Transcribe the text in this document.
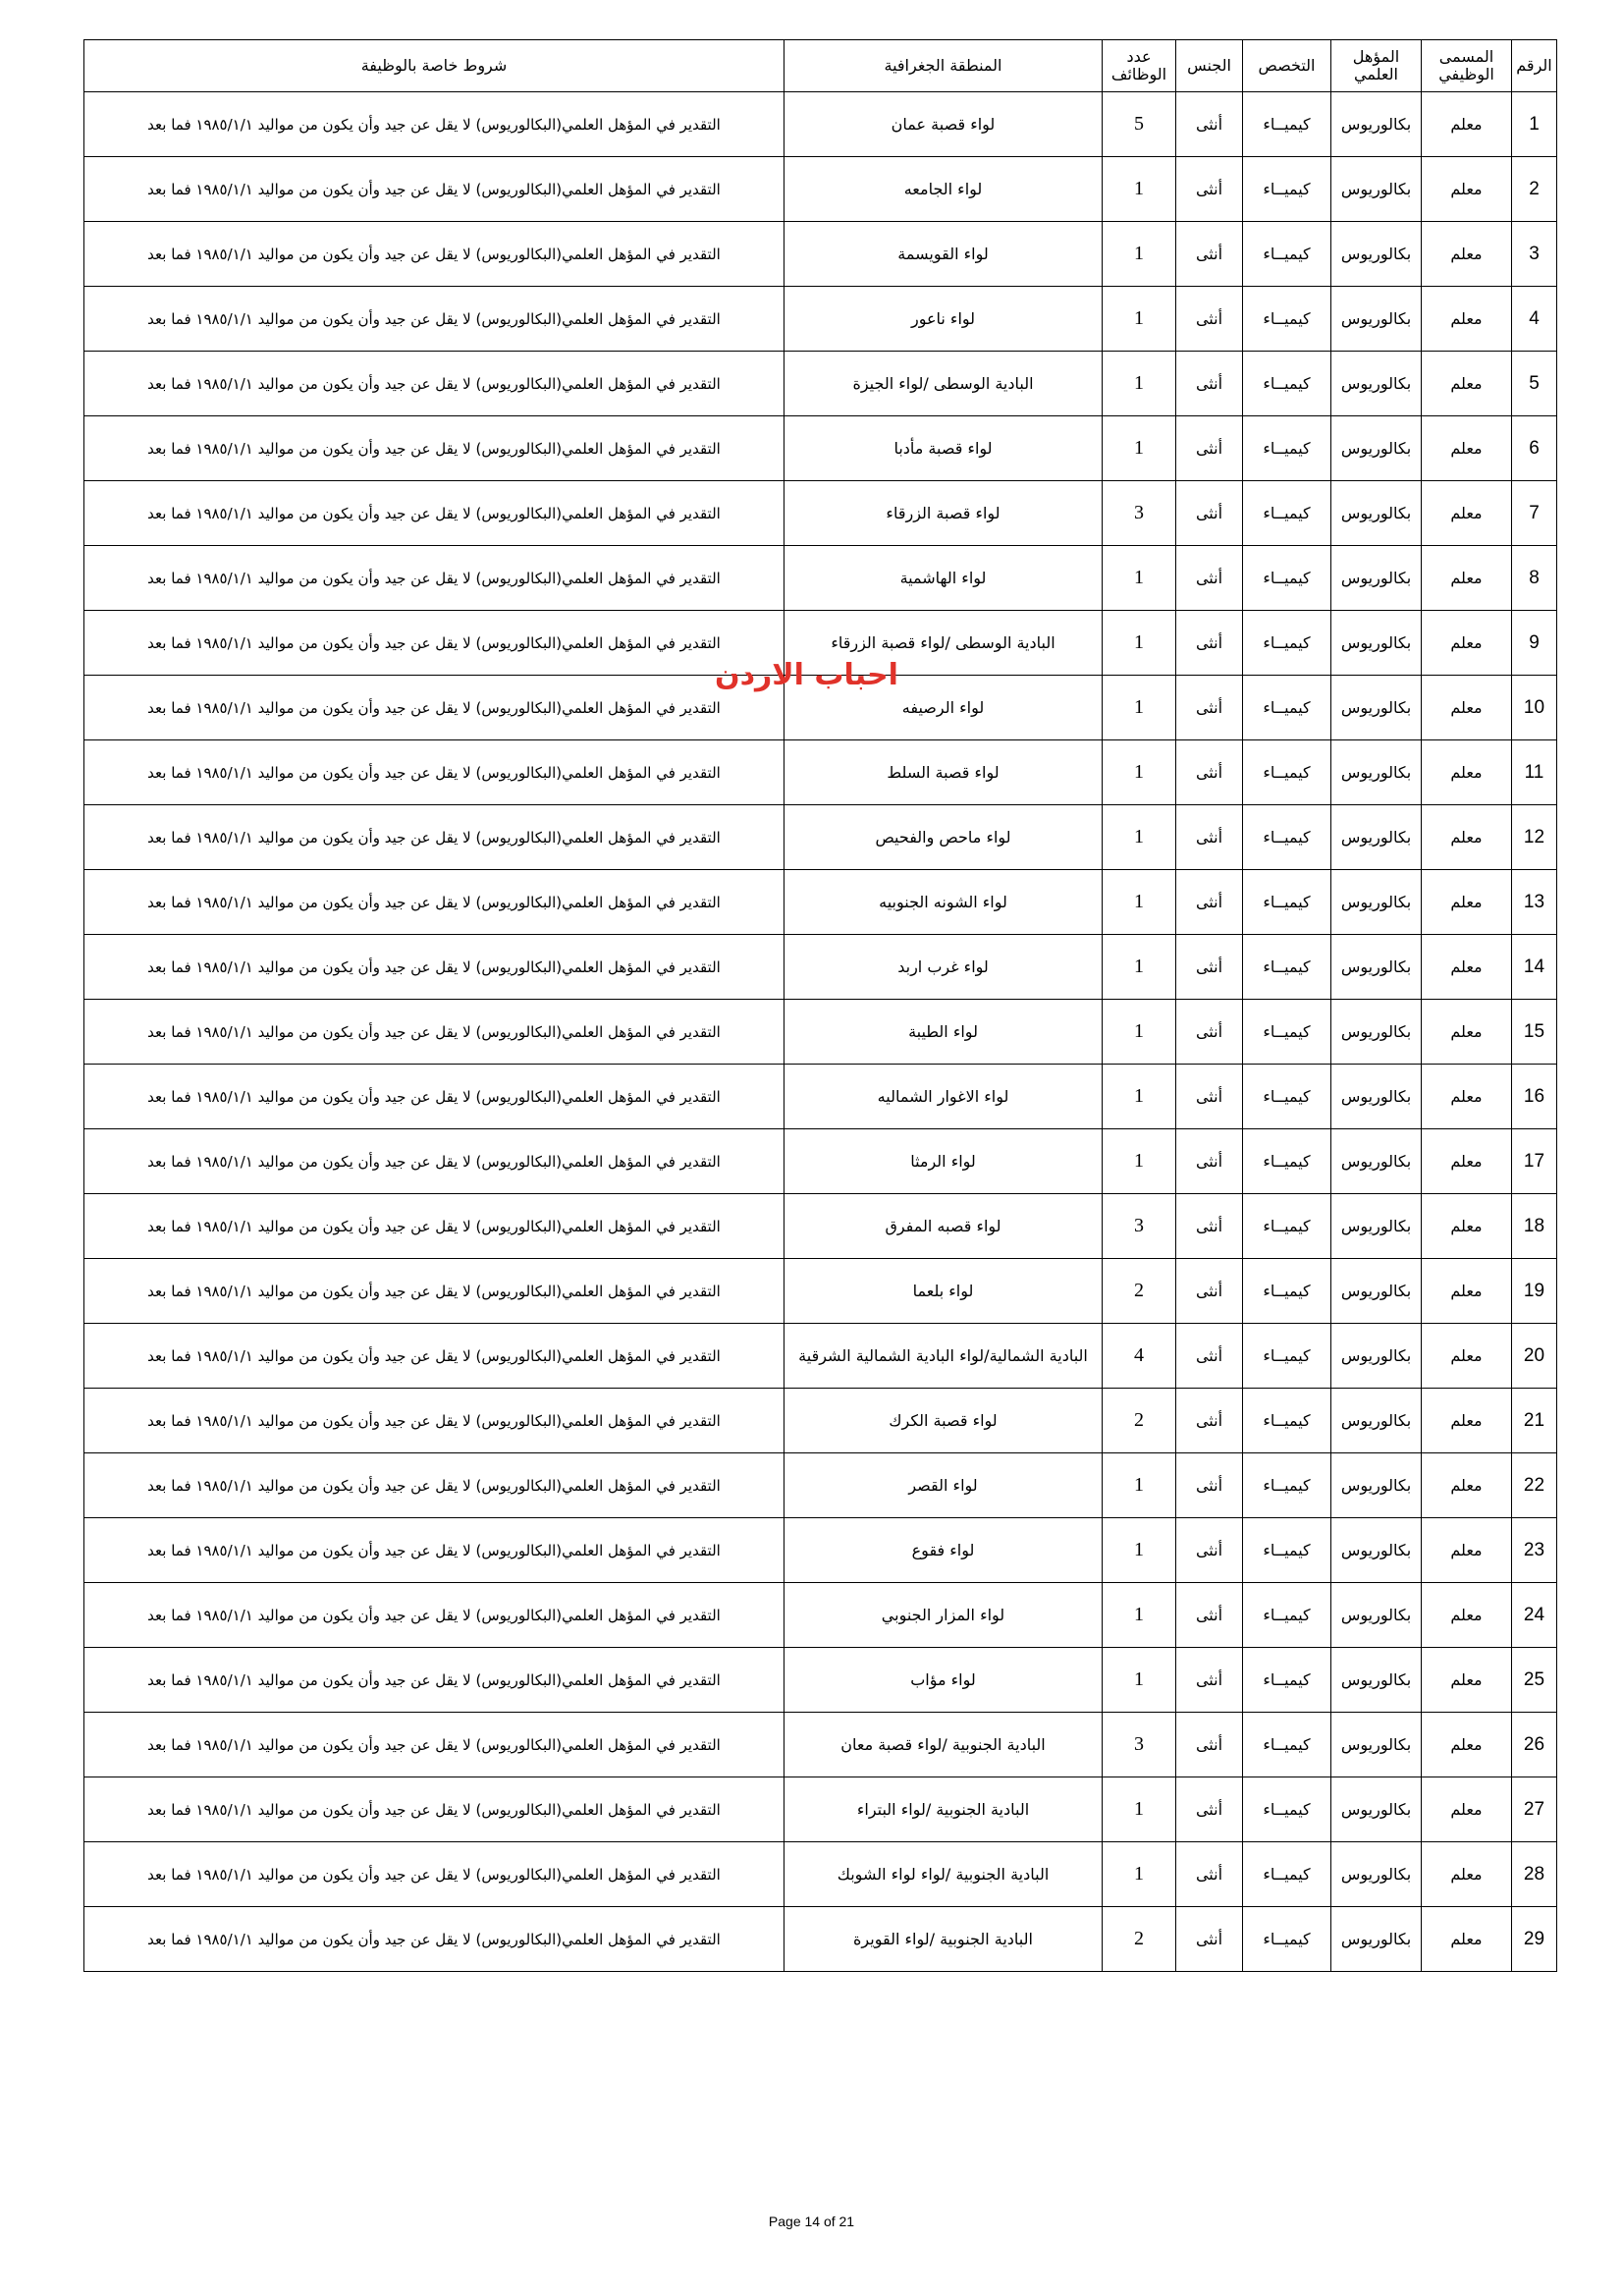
الرقم	المسمى الوظيفي	المؤهل العلمي	التخصص	الجنس	عدد الوظائف	المنطقة الجغرافية	شروط خاصة بالوظيفة
1	معلم	بكالوريوس	كيميــاء	أنثى	5	لواء قصبة عمان	التقدير في المؤهل العلمي(البكالوريوس) لا يقل عن جيد وأن يكون من مواليد ١٩٨٥/١/١ فما بعد
2	معلم	بكالوريوس	كيميــاء	أنثى	1	لواء الجامعه	التقدير في المؤهل العلمي(البكالوريوس) لا يقل عن جيد وأن يكون من مواليد ١٩٨٥/١/١ فما بعد
3	معلم	بكالوريوس	كيميــاء	أنثى	1	لواء القويسمة	التقدير في المؤهل العلمي(البكالوريوس) لا يقل عن جيد وأن يكون من مواليد ١٩٨٥/١/١ فما بعد
4	معلم	بكالوريوس	كيميــاء	أنثى	1	لواء ناعور	التقدير في المؤهل العلمي(البكالوريوس) لا يقل عن جيد وأن يكون من مواليد ١٩٨٥/١/١ فما بعد
5	معلم	بكالوريوس	كيميــاء	أنثى	1	البادية الوسطى /لواء الجيزة	التقدير في المؤهل العلمي(البكالوريوس) لا يقل عن جيد وأن يكون من مواليد ١٩٨٥/١/١ فما بعد
6	معلم	بكالوريوس	كيميــاء	أنثى	1	لواء قصبة مأدبا	التقدير في المؤهل العلمي(البكالوريوس) لا يقل عن جيد وأن يكون من مواليد ١٩٨٥/١/١ فما بعد
7	معلم	بكالوريوس	كيميــاء	أنثى	3	لواء قصبة الزرقاء	التقدير في المؤهل العلمي(البكالوريوس) لا يقل عن جيد وأن يكون من مواليد ١٩٨٥/١/١ فما بعد
8	معلم	بكالوريوس	كيميــاء	أنثى	1	لواء الهاشمية	التقدير في المؤهل العلمي(البكالوريوس) لا يقل عن جيد وأن يكون من مواليد ١٩٨٥/١/١ فما بعد
9	معلم	بكالوريوس	كيميــاء	أنثى	1	البادية الوسطى /لواء قصبة الزرقاء	التقدير في المؤهل العلمي(البكالوريوس) لا يقل عن جيد وأن يكون من مواليد ١٩٨٥/١/١ فما بعد
10	معلم	بكالوريوس	كيميــاء	أنثى	1	لواء الرصيفه	التقدير في المؤهل العلمي(البكالوريوس) لا يقل عن جيد وأن يكون من مواليد ١٩٨٥/١/١ فما بعد
11	معلم	بكالوريوس	كيميــاء	أنثى	1	لواء قصبة السلط	التقدير في المؤهل العلمي(البكالوريوس) لا يقل عن جيد وأن يكون من مواليد ١٩٨٥/١/١ فما بعد
12	معلم	بكالوريوس	كيميــاء	أنثى	1	لواء ماحص والفحيص	التقدير في المؤهل العلمي(البكالوريوس) لا يقل عن جيد وأن يكون من مواليد ١٩٨٥/١/١ فما بعد
13	معلم	بكالوريوس	كيميــاء	أنثى	1	لواء الشونه الجنوبيه	التقدير في المؤهل العلمي(البكالوريوس) لا يقل عن جيد وأن يكون من مواليد ١٩٨٥/١/١ فما بعد
14	معلم	بكالوريوس	كيميــاء	أنثى	1	لواء غرب اربد	التقدير في المؤهل العلمي(البكالوريوس) لا يقل عن جيد وأن يكون من مواليد ١٩٨٥/١/١ فما بعد
15	معلم	بكالوريوس	كيميــاء	أنثى	1	لواء الطيبة	التقدير في المؤهل العلمي(البكالوريوس) لا يقل عن جيد وأن يكون من مواليد ١٩٨٥/١/١ فما بعد
16	معلم	بكالوريوس	كيميــاء	أنثى	1	لواء الاغوار الشماليه	التقدير في المؤهل العلمي(البكالوريوس) لا يقل عن جيد وأن يكون من مواليد ١٩٨٥/١/١ فما بعد
17	معلم	بكالوريوس	كيميــاء	أنثى	1	لواء الرمثا	التقدير في المؤهل العلمي(البكالوريوس) لا يقل عن جيد وأن يكون من مواليد ١٩٨٥/١/١ فما بعد
18	معلم	بكالوريوس	كيميــاء	أنثى	3	لواء قصبه المفرق	التقدير في المؤهل العلمي(البكالوريوس) لا يقل عن جيد وأن يكون من مواليد ١٩٨٥/١/١ فما بعد
19	معلم	بكالوريوس	كيميــاء	أنثى	2	لواء بلعما	التقدير في المؤهل العلمي(البكالوريوس) لا يقل عن جيد وأن يكون من مواليد ١٩٨٥/١/١ فما بعد
20	معلم	بكالوريوس	كيميــاء	أنثى	4	البادية الشمالية/لواء البادية الشمالية الشرقية	التقدير في المؤهل العلمي(البكالوريوس) لا يقل عن جيد وأن يكون من مواليد ١٩٨٥/١/١ فما بعد
21	معلم	بكالوريوس	كيميــاء	أنثى	2	لواء قصبة الكرك	التقدير في المؤهل العلمي(البكالوريوس) لا يقل عن جيد وأن يكون من مواليد ١٩٨٥/١/١ فما بعد
22	معلم	بكالوريوس	كيميــاء	أنثى	1	لواء القصر	التقدير في المؤهل العلمي(البكالوريوس) لا يقل عن جيد وأن يكون من مواليد ١٩٨٥/١/١ فما بعد
23	معلم	بكالوريوس	كيميــاء	أنثى	1	لواء فقوع	التقدير في المؤهل العلمي(البكالوريوس) لا يقل عن جيد وأن يكون من مواليد ١٩٨٥/١/١ فما بعد
24	معلم	بكالوريوس	كيميــاء	أنثى	1	لواء المزار الجنوبي	التقدير في المؤهل العلمي(البكالوريوس) لا يقل عن جيد وأن يكون من مواليد ١٩٨٥/١/١ فما بعد
25	معلم	بكالوريوس	كيميــاء	أنثى	1	لواء مؤاب	التقدير في المؤهل العلمي(البكالوريوس) لا يقل عن جيد وأن يكون من مواليد ١٩٨٥/١/١ فما بعد
26	معلم	بكالوريوس	كيميــاء	أنثى	3	البادية الجنوبية /لواء قصبة معان	التقدير في المؤهل العلمي(البكالوريوس) لا يقل عن جيد وأن يكون من مواليد ١٩٨٥/١/١ فما بعد
27	معلم	بكالوريوس	كيميــاء	أنثى	1	البادية الجنوبية /لواء البتراء	التقدير في المؤهل العلمي(البكالوريوس) لا يقل عن جيد وأن يكون من مواليد ١٩٨٥/١/١ فما بعد
28	معلم	بكالوريوس	كيميــاء	أنثى	1	البادية الجنوبية /لواء لواء الشوبك	التقدير في المؤهل العلمي(البكالوريوس) لا يقل عن جيد وأن يكون من مواليد ١٩٨٥/١/١ فما بعد
29	معلم	بكالوريوس	كيميــاء	أنثى	2	البادية الجنوبية /لواء القويرة	التقدير في المؤهل العلمي(البكالوريوس) لا يقل عن جيد وأن يكون من مواليد ١٩٨٥/١/١ فما بعد
احباب الاردن
Page 14 of 21
